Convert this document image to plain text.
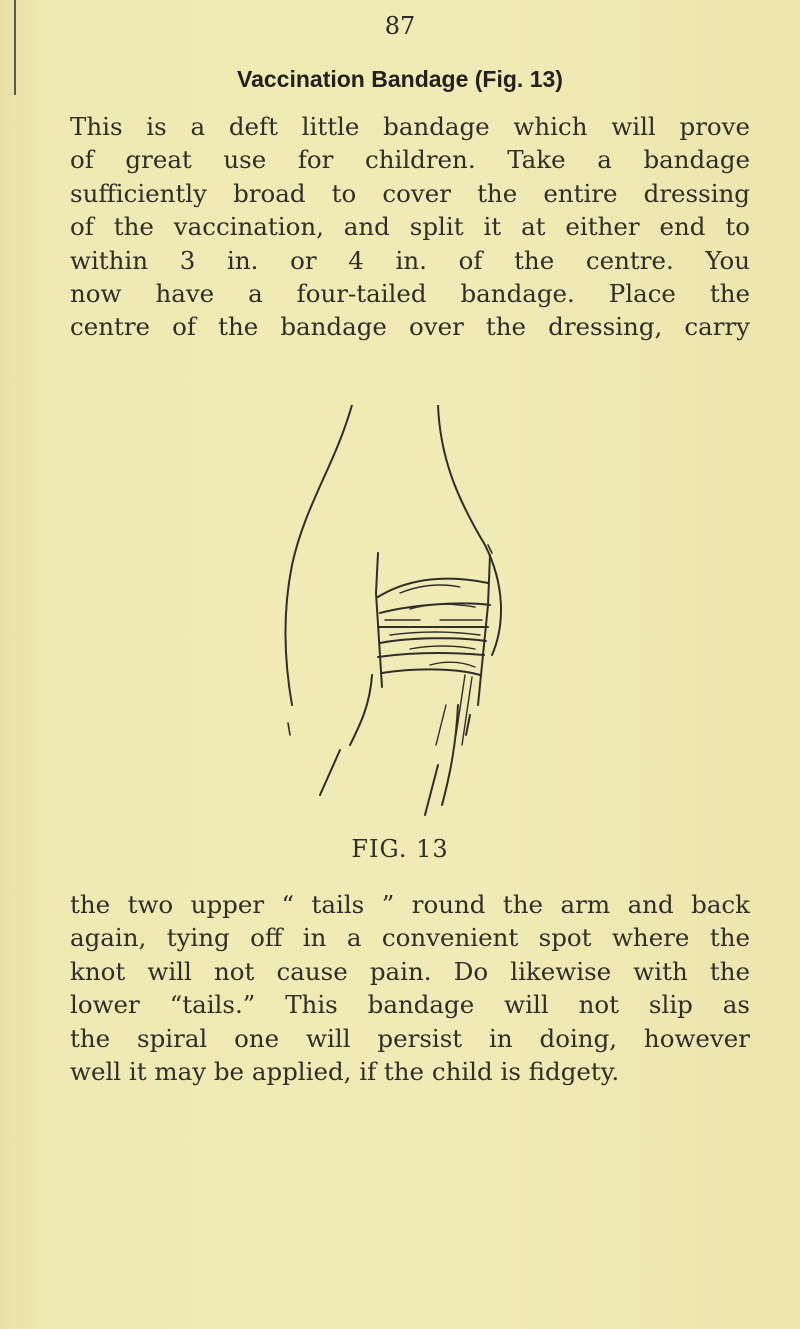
87
Vaccination Bandage (Fig. 13)
This is a deft little bandage which will prove
of great use for children. Take a bandage
sufficiently broad to cover the entire dressing
of the vaccination, and split it at either end to
within 3 in. or 4 in. of the centre. You
now have a four-tailed bandage. Place the
centre of the bandage over the dressing, carry
FIG. 13
the two upper “ tails ” round the arm and back
again, tying off in a convenient spot where the
knot will not cause pain. Do likewise with the
lower “tails.” This bandage will not slip as
the spiral one will persist in doing, however
well it may be applied, if the child is fidgety.
